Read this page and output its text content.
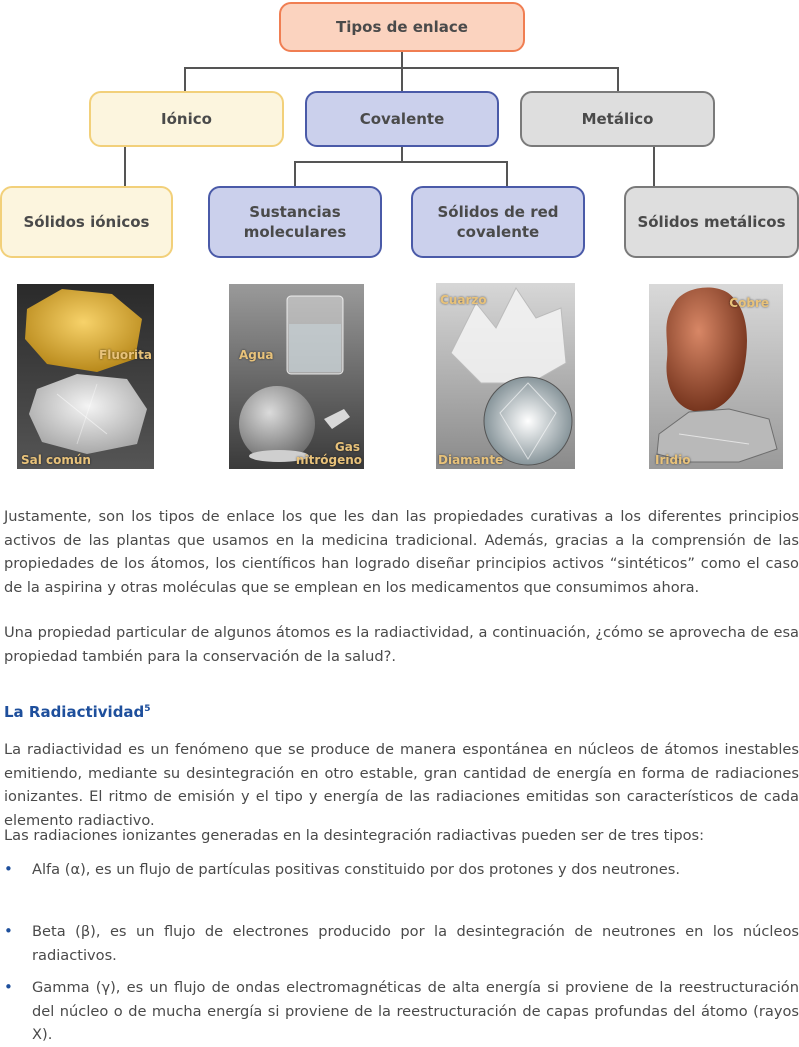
Tipos de enlace
Iónico	Covalente	Metálico
Sólidos iónicos
Sustancias moleculares
Sólidos de red covalente
Sólidos metálicos
Fluorita
Sal común
Agua
Gas
nitrógeno
Cuarzo
Diamante
Cobre
Iridio

Justamente, son los tipos de enlace los que les dan las propiedades curativas a los diferentes principios activos de las plantas que usamos en la medicina tradicional. Además, gracias a la comprensión de las propiedades de los átomos, los científicos han logrado diseñar principios activos “sintéticos” como el caso de la aspirina y otras moléculas que se emplean en los medicamentos que consumimos ahora.

Una propiedad particular de algunos átomos es la radiactividad, a continuación, ¿cómo se aprovecha de esa propiedad también para la conservación de la salud?.

La Radiactividad$^5$

La radiactividad es un fenómeno que se produce de manera espontánea en núcleos de átomos inestables emitiendo, mediante su desintegración en otro estable, gran cantidad de energía en forma de radiaciones ionizantes. El ritmo de emisión y el tipo y energía de las radiaciones emitidas son característicos de cada elemento radiactivo.

Las radiaciones ionizantes generadas en la desintegración radiactivas pueden ser de tres tipos:

• Alfa (α), es un flujo de partículas positivas constituido por dos protones y dos neutrones.
• Beta (β), es un flujo de electrones producido por la desintegración de neutrones en los núcleos radiactivos.
• Gamma (γ), es un flujo de ondas electromagnéticas de alta energía si proviene de la reestructuración del núcleo o de mucha energía si proviene de la reestructuración de capas profundas del átomo (rayos X).
